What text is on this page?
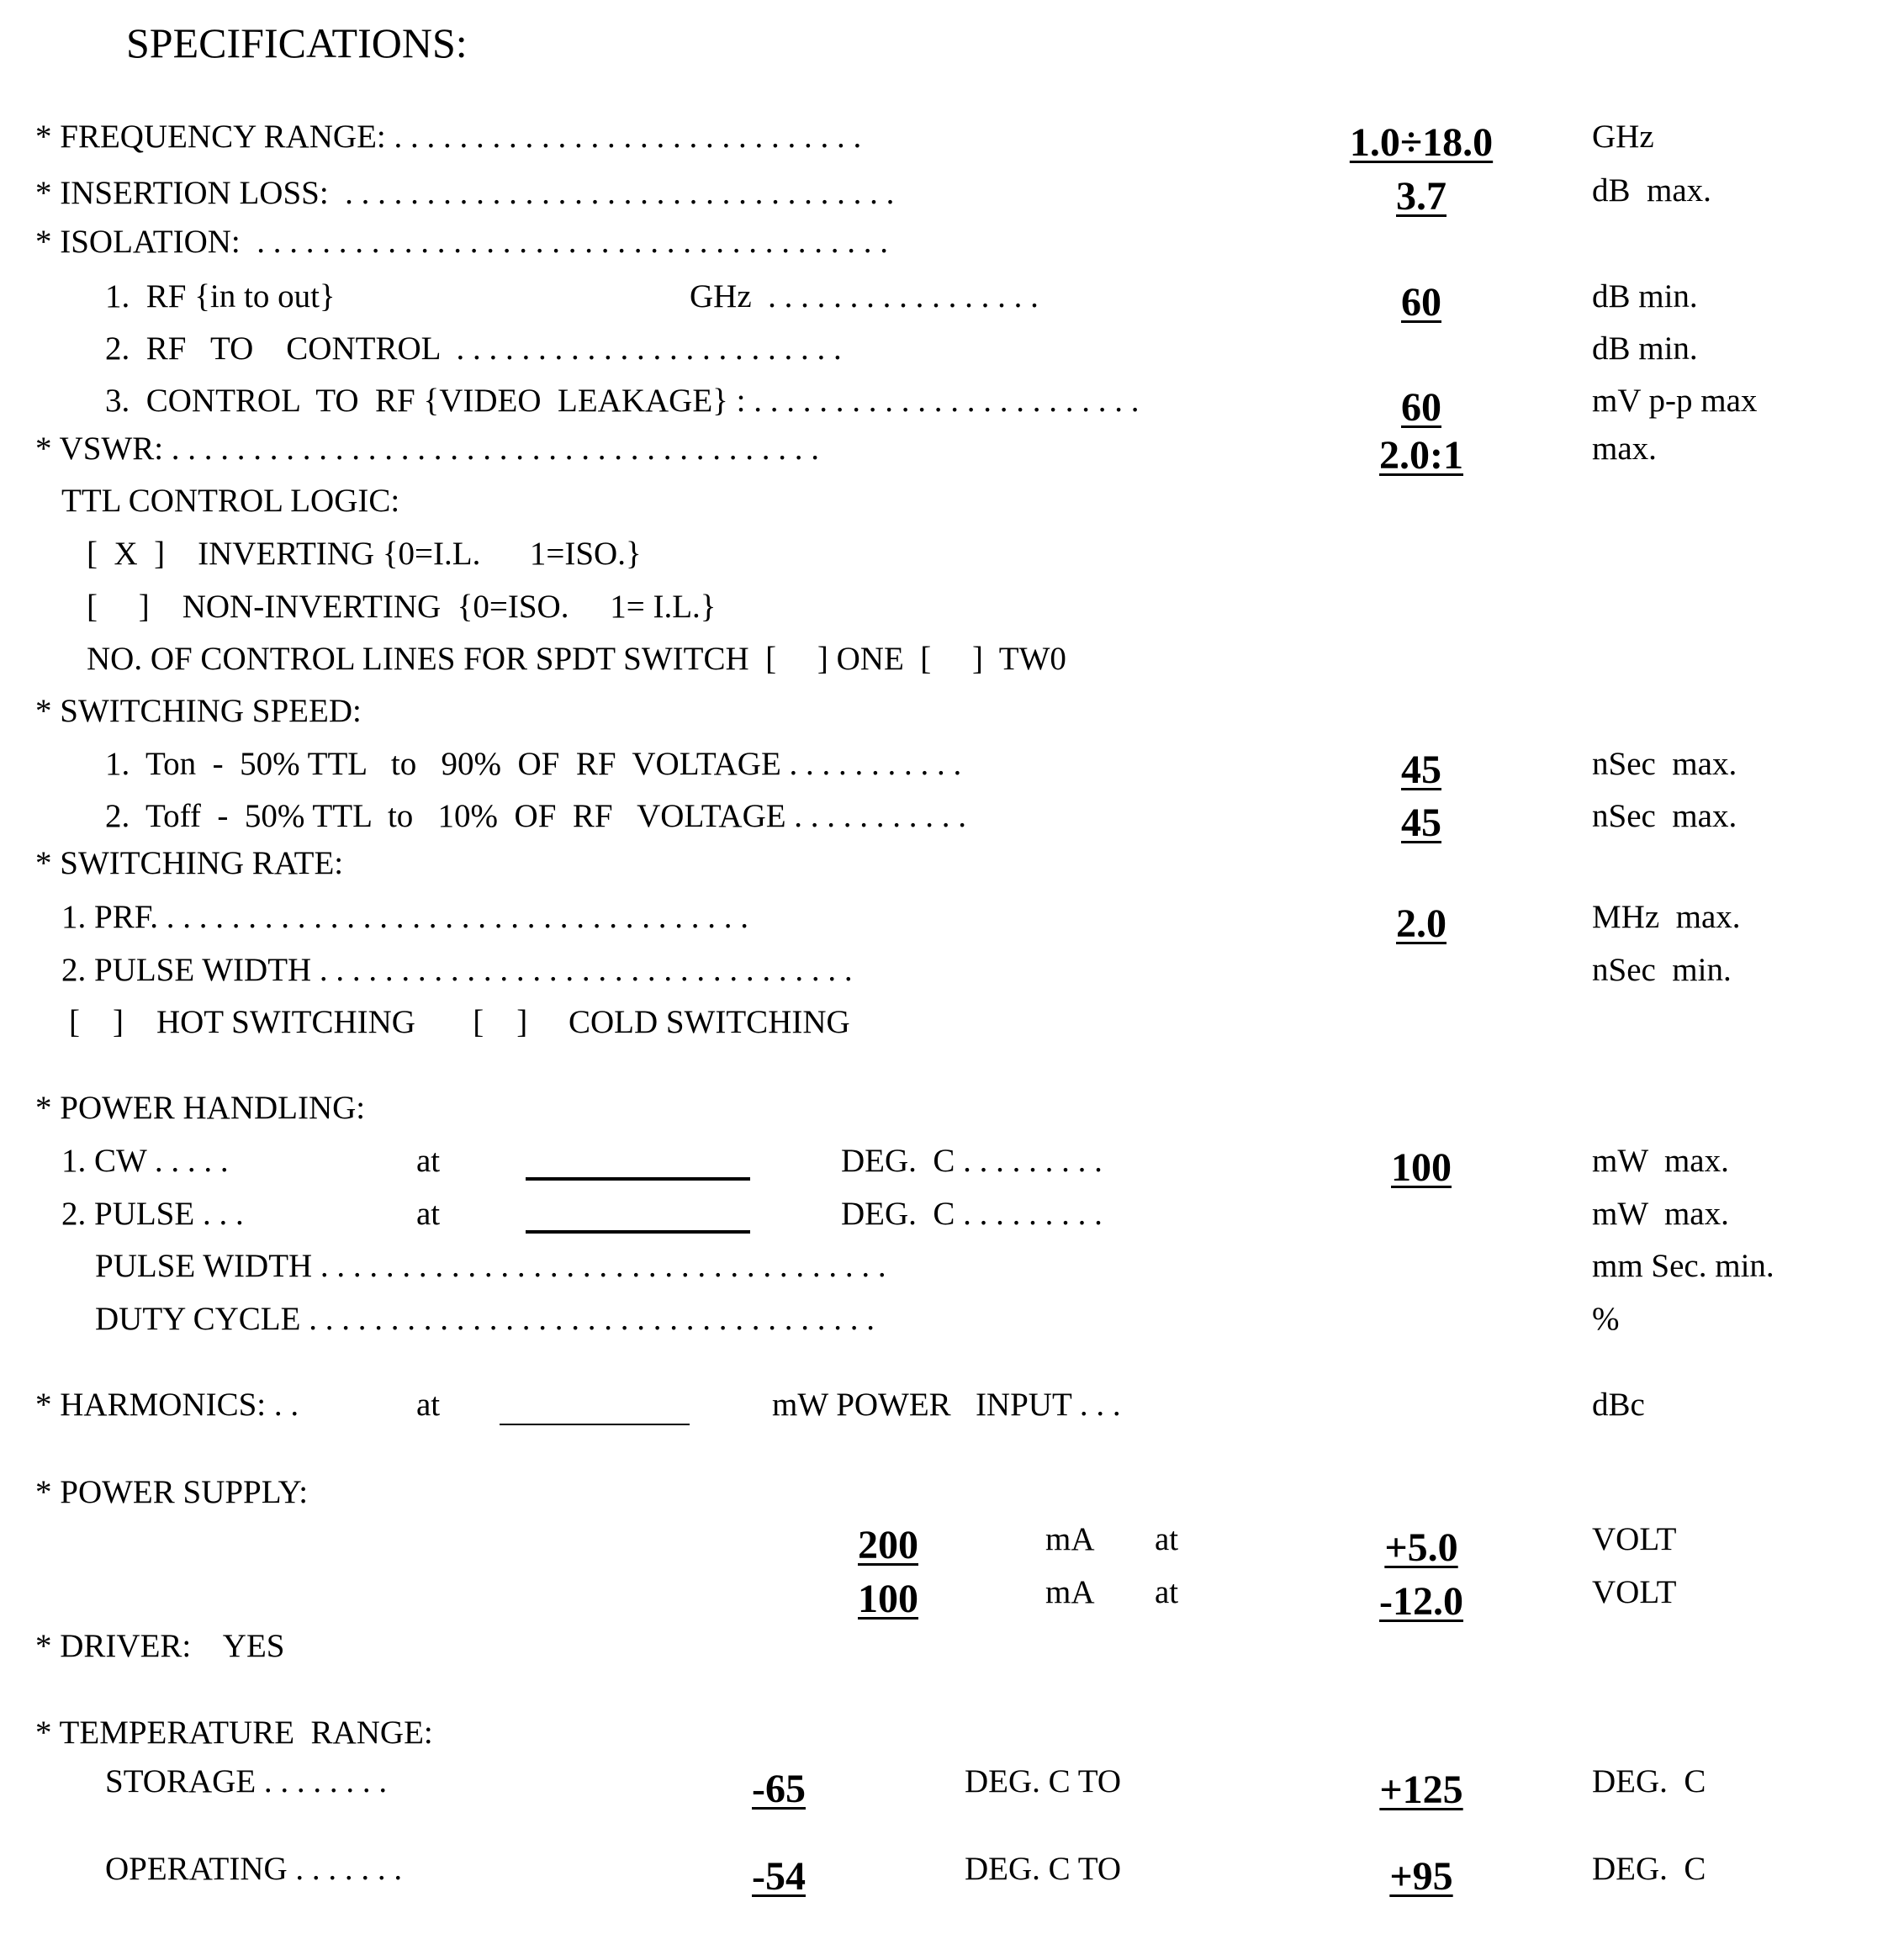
SPECIFICATIONS:
* FREQUENCY RANGE: . . . . . . . . . . . . . . . . . . . . . . . . . . . . .	1.0÷18.0	GHz
* INSERTION LOSS:  . . . . . . . . . . . . . . . . . . . . . . . . . . . . . . . . . .	3.7	dB  max.
* ISOLATION:  . . . . . . . . . . . . . . . . . . . . . . . . . . . . . . . . . . . . . . .
1.  RF {in to out}	GHz  . . . . . . . . . . . . . . . . .	60	dB min.
2.  RF   TO    CONTROL  . . . . . . . . . . . . . . . . . . . . . . . .	dB min.
3.  CONTROL  TO  RF {VIDEO  LEAKAGE} : . . . . . . . . . . . . . . . . . . . . . . . .	60	mV p-p max
* VSWR: . . . . . . . . . . . . . . . . . . . . . . . . . . . . . . . . . . . . . . . .	2.0:1	max.
TTL CONTROL LOGIC:
[  X  ]    INVERTING {0=I.L.      1=ISO.}
[     ]    NON-INVERTING  {0=ISO.     1= I.L.}
NO. OF CONTROL LINES FOR SPDT SWITCH  [     ] ONE  [     ]  TW0
* SWITCHING SPEED:
1.  Ton  -  50% TTL   to   90%  OF  RF  VOLTAGE . . . . . . . . . . .	45	nSec  max.
2.  Toff  -  50% TTL  to   10%  OF  RF   VOLTAGE . . . . . . . . . . .	45	nSec  max.
* SWITCHING RATE:
1. PRF. . . . . . . . . . . . . . . . . . . . . . . . . . . . . . . . . . . . .	2.0	MHz  max.
2. PULSE WIDTH . . . . . . . . . . . . . . . . . . . . . . . . . . . . . . . . .	nSec  min.
[    ]    HOT SWITCHING       [    ]     COLD SWITCHING
* POWER HANDLING:
1. CW . . . . .	at	DEG.  C . . . . . . . . .	100	mW  max.
2. PULSE . . .	at	DEG.  C . . . . . . . . .	mW  max.
PULSE WIDTH . . . . . . . . . . . . . . . . . . . . . . . . . . . . . . . . . . .	mm Sec. min.
DUTY CYCLE . . . . . . . . . . . . . . . . . . . . . . . . . . . . . . . . . . .	%
* HARMONICS: . .	at	mW POWER   INPUT . . .	dBc
* POWER SUPPLY:
200	mA at	+5.0	VOLT
100	mA at	-12.0	VOLT
* DRIVER:    YES
* TEMPERATURE  RANGE:
STORAGE . . . . . . . .	-65	DEG. C TO	+125	DEG.  C
OPERATING . . . . . . .	-54	DEG. C TO	+95	DEG.  C
